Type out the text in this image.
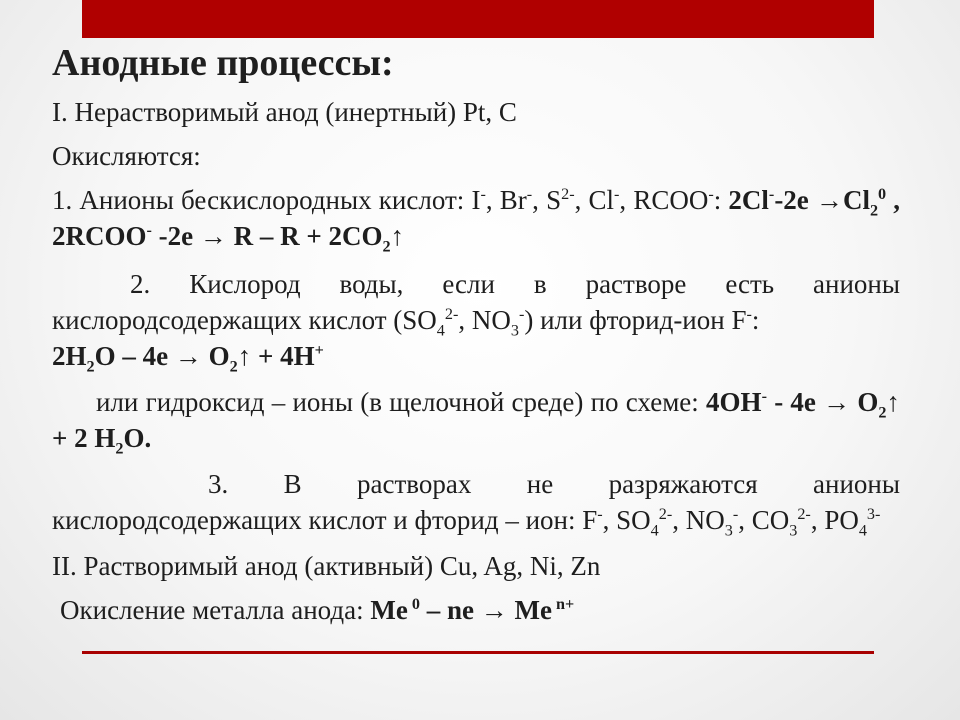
Анодные процессы:

I. Нерастворимый анод (инертный) Pt, C

Окисляются:

1. Анионы бескислородных кислот: I-, Br-, $S^{2-}$, Cl-, RCOO-: $2Cl^--2e \to Cl_2^0$ , 2RCOO- $-2e \to R - R + 2CO_2↑$

2. Кислород воды, если в растворе есть анионы кислородсодержащих кислот ($SO_4^{2-}$, $NO_3^-$) или фторид-ион F-:

$2H_2O - 4e$ → $O_2↑ + 4H^+$

или гидроксид – ионы (в щелочной среде) по схеме: $4OH^- - 4e \to O_2↑ + 2$ $H_2O$.

3. В растворах не разряжаются анионы кислородсодержащих кислот и фторид – ион: F-, $SO_4^{2-}$, $NO_3^-$, $CO_3^{2-}$, $PO_4^{3-}$

II. Растворимый анод (активный) Cu, Ag, Ni, Zn

Окисление металла анода: Me $^0$ – ne → Me $^{n+}$
